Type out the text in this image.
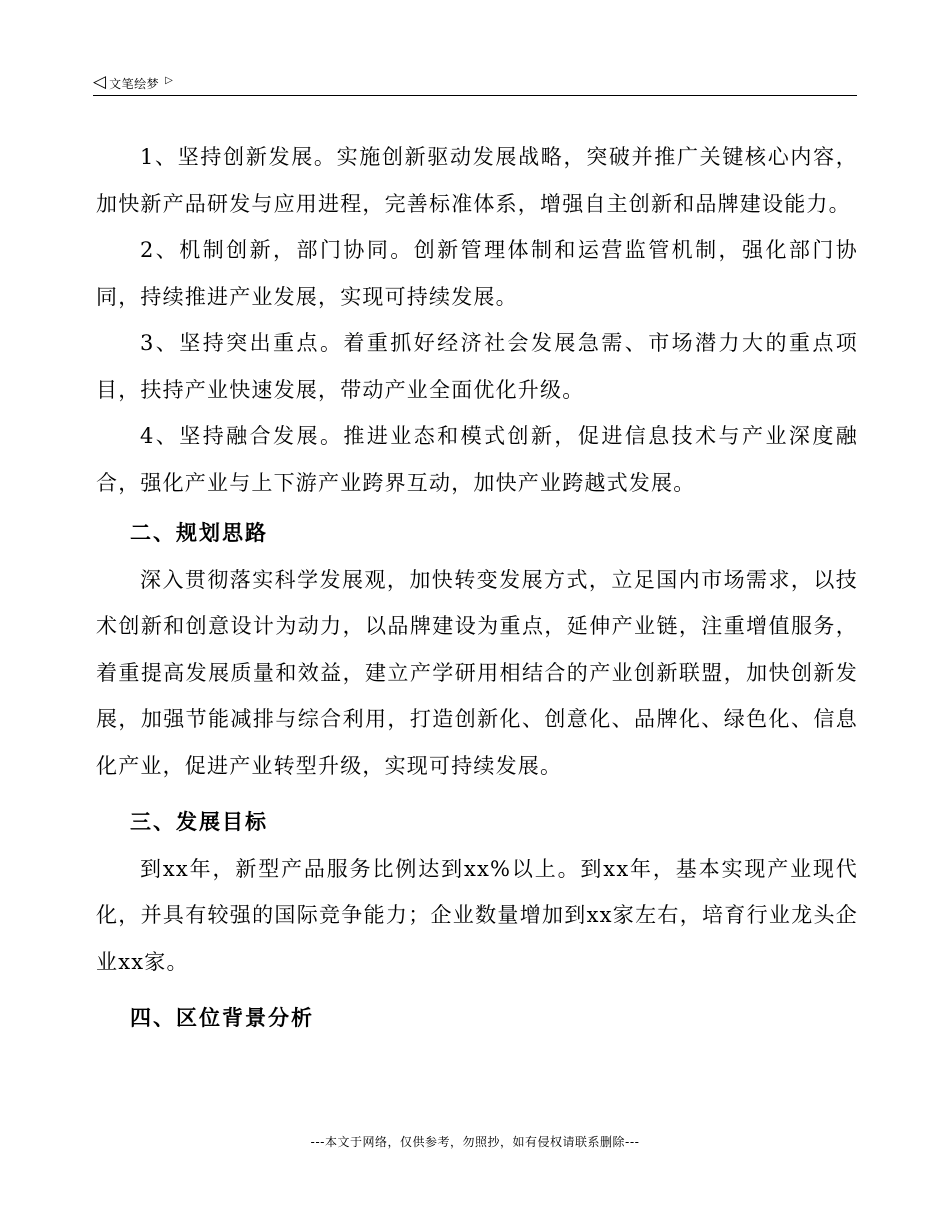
◁ 文笔绘梦 ▷

1、坚持创新发展。实施创新驱动发展战略，突破并推广关键核心内容，加快新产品研发与应用进程，完善标准体系，增强自主创新和品牌建设能力。

2、机制创新，部门协同。创新管理体制和运营监管机制，强化部门协同，持续推进产业发展，实现可持续发展。

3、坚持突出重点。着重抓好经济社会发展急需、市场潜力大的重点项目，扶持产业快速发展，带动产业全面优化升级。

4、坚持融合发展。推进业态和模式创新，促进信息技术与产业深度融合，强化产业与上下游产业跨界互动，加快产业跨越式发展。

二、规划思路

深入贯彻落实科学发展观，加快转变发展方式，立足国内市场需求，以技术创新和创意设计为动力，以品牌建设为重点，延伸产业链，注重增值服务，着重提高发展质量和效益，建立产学研用相结合的产业创新联盟，加快创新发展，加强节能减排与综合利用，打造创新化、创意化、品牌化、绿色化、信息化产业，促进产业转型升级，实现可持续发展。

三、发展目标

到xx年，新型产品服务比例达到xx%以上。到xx年，基本实现产业现代化，并具有较强的国际竞争能力；企业数量增加到xx家左右，培育行业龙头企业xx家。

四、区位背景分析
---本文于网络，仅供参考，勿照抄，如有侵权请联系删除---
